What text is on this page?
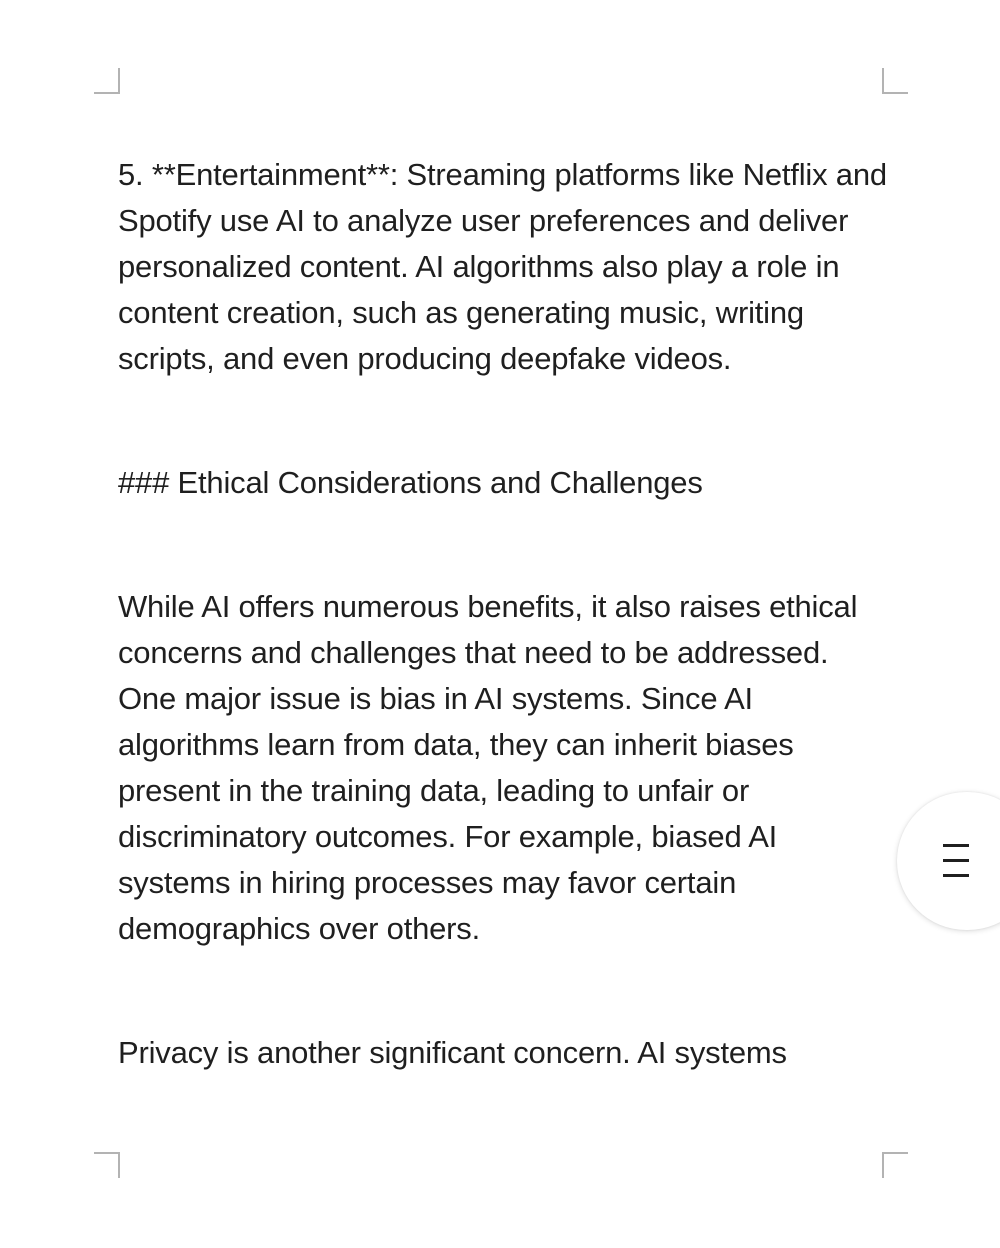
5. **Entertainment**: Streaming platforms like Netflix and Spotify use AI to analyze user preferences and deliver personalized content. AI algorithms also play a role in content creation, such as generating music, writing scripts, and even producing deepfake videos.

### Ethical Considerations and Challenges

While AI offers numerous benefits, it also raises ethical concerns and challenges that need to be addressed. One major issue is bias in AI systems. Since AI algorithms learn from data, they can inherit biases present in the training data, leading to unfair or discriminatory outcomes. For example, biased AI systems in hiring processes may favor certain demographics over others.

Privacy is another significant concern. AI systems
